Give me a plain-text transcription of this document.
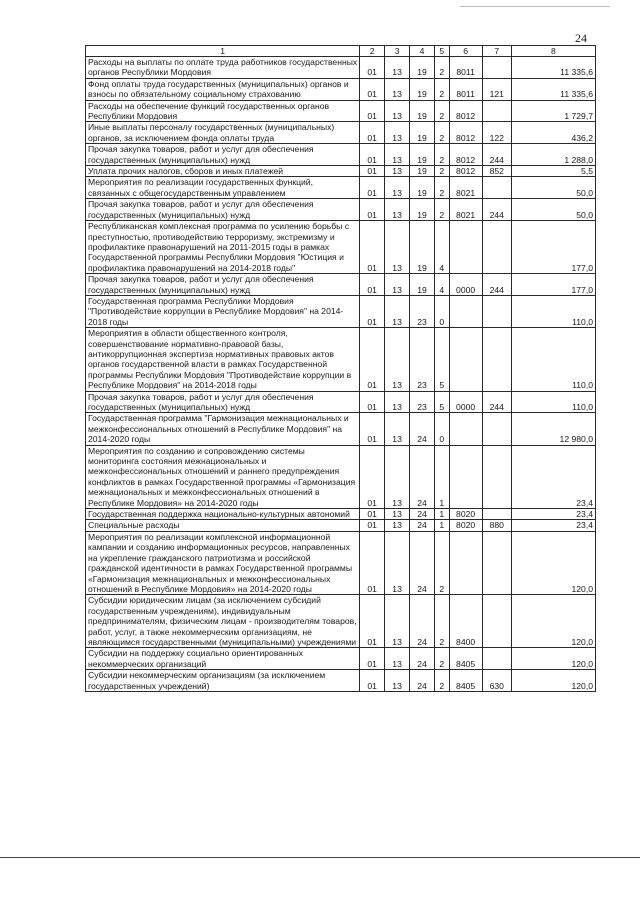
24
1	2	3	4	5	6	7	8
Расходы на выплаты по оплате труда работников государственных органов Республики Мордовия	01	13	19	2	8011		11 335,6
Фонд оплаты труда государственных (муниципальных) органов и взносы по обязательному социальному страхованию	01	13	19	2	8011	121	11 335,6
Расходы на обеспечение функций государственных органов Республики Мордовия	01	13	19	2	8012		1 729,7
Иные выплаты персоналу государственных (муниципальных) органов, за исключением фонда оплаты труда	01	13	19	2	8012	122	436,2
Прочая закупка товаров, работ и услуг для обеспечения государственных (муниципальных) нужд	01	13	19	2	8012	244	1 288,0
Уплата прочих налогов, сборов и иных платежей	01	13	19	2	8012	852	5,5
Мероприятия по реализации государственных функций, связанных с общегосударственным управлением	01	13	19	2	8021		50,0
Прочая закупка товаров, работ и услуг для обеспечения государственных (муниципальных) нужд	01	13	19	2	8021	244	50,0
Республиканская комплексная программа по усилению борьбы с преступностью, противодействию терроризму, экстремизму и профилактике правонарушений на 2011-2015 годы в рамках Государственной программы Республики Мордовия "Юстиция и профилактика правонарушений на 2014-2018 годы"	01	13	19	4			177,0
Прочая закупка товаров, работ и услуг для обеспечения государственных (муниципальных) нужд	01	13	19	4	0000	244	177,0
Государственная программа Республики Мордовия "Противодействие коррупции в Республике Мордовия" на 2014-2018 годы	01	13	23	0			110,0
Мероприятия в области общественного контроля, совершенствование нормативно-правовой базы, антикоррупционная экспертиза нормативных правовых актов органов государственной власти в рамках Государственной программы Республики Мордовия "Противодействие коррупции в Республике Мордовия" на 2014-2018 годы	01	13	23	5			110,0
Прочая закупка товаров, работ и услуг для обеспечения государственных (муниципальных) нужд	01	13	23	5	0000	244	110,0
Государственная программа "Гармонизация межнациональных и межконфессиональных отношений в Республике Мордовия" на 2014-2020 годы	01	13	24	0			12 980,0
Мероприятия по созданию и сопровождению системы мониторинга состояния межнациональных и межконфессиональных отношений и раннего предупреждения конфликтов в рамках Государственной программы «Гармонизация межнациональных и межконфессиональных отношений в Республике Мордовия» на 2014-2020 годы	01	13	24	1			23,4
Государственная поддержка национально-культурных автономий	01	13	24	1	8020		23,4
Специальные расходы	01	13	24	1	8020	880	23,4
Мероприятия по реализации комплексной информационной кампании и созданию информационных ресурсов, направленных на укрепление гражданского патриотизма и российской гражданской идентичности в рамках Государственной программы «Гармонизация межнациональных и межконфессиональных отношений в Республике Мордовия» на 2014-2020 годы	01	13	24	2			120,0
Субсидии юридическим лицам (за исключением субсидий государственным учреждениям), индивидуальным предпринимателям, физическим лицам - производителям товаров, работ, услуг, а также некоммерческим организациям, не являющимся государственными (муниципальными) учреждениями	01	13	24	2	8400		120,0
Субсидии на поддержку социально ориентированных некоммерческих организаций	01	13	24	2	8405		120,0
Субсидии некоммерческим организациям (за исключением государственных учреждений)	01	13	24	2	8405	630	120,0
